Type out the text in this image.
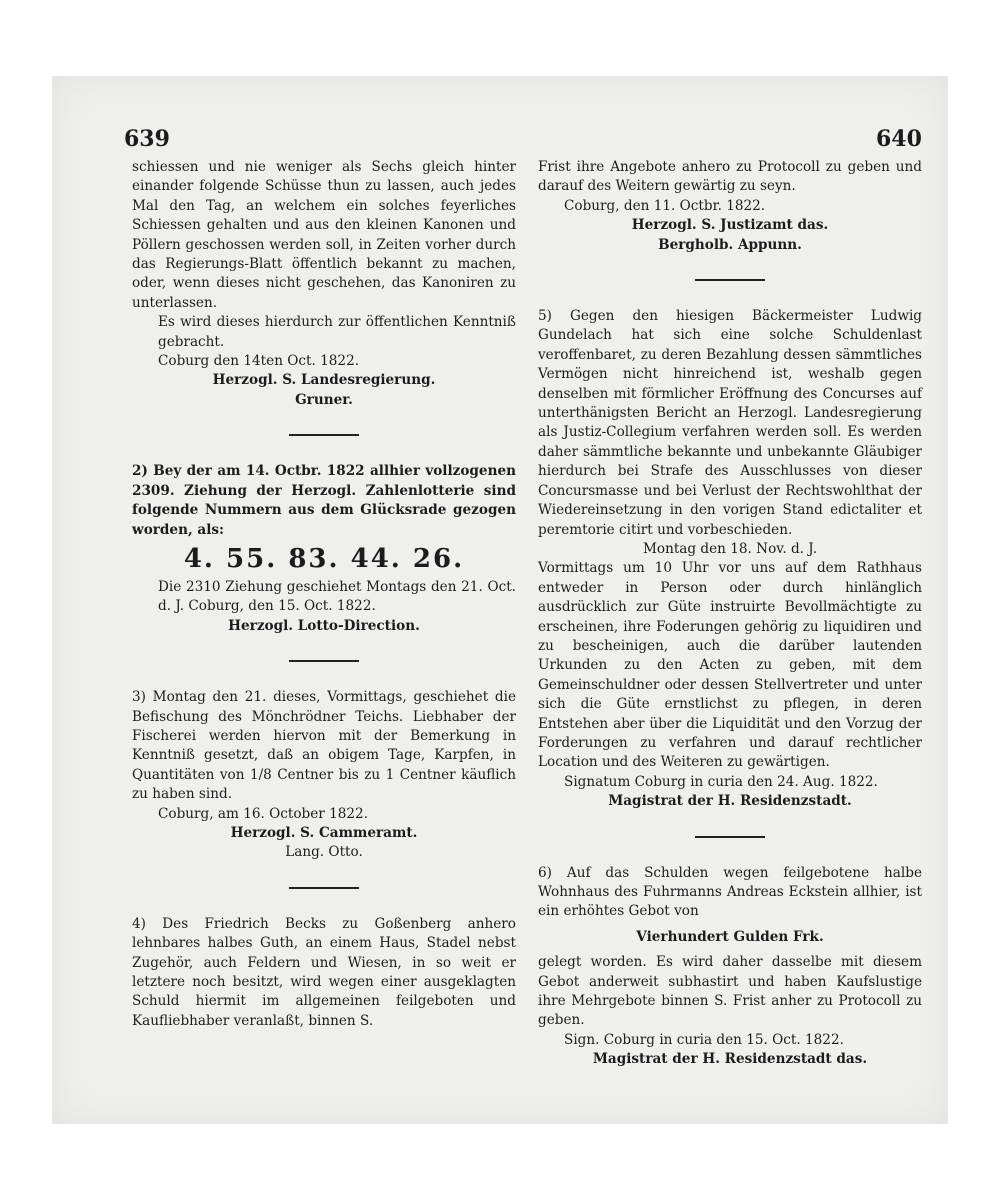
639	640

schiessen und nie weniger als Sechs gleich hinter einander folgende Schüsse thun zu lassen, auch jedes Mal den Tag, an welchem ein solches feyerliches Schiessen gehalten und aus den kleinen Kanonen und Pöllern geschossen werden soll, in Zeiten vorher durch das Regierungs-Blatt öffentlich bekannt zu machen, oder, wenn dieses nicht geschehen, das Kanoniren zu unterlassen.

Es wird dieses hierdurch zur öffentlichen Kenntniß gebracht.

Coburg den 14ten Oct. 1822.

Herzogl. S. Landesregierung.

Gruner.

2) Bey der am 14. Octbr. 1822 allhier vollzogenen 2309. Ziehung der Herzogl. Zahlenlotterie sind folgende Nummern aus dem Glücksrade gezogen worden, als:

4. 55. 83. 44. 26.

Die 2310 Ziehung geschiehet Montags den 21. Oct. d. J. Coburg, den 15. Oct. 1822.

Herzogl. Lotto-Direction.

3) Montag den 21. dieses, Vormittags, geschiehet die Befischung des Mönchrödner Teichs. Liebhaber der Fischerei werden hiervon mit der Bemerkung in Kenntniß gesetzt, daß an obigem Tage, Karpfen, in Quantitäten von 1/8 Centner bis zu 1 Centner käuflich zu haben sind.

Coburg, am 16. October 1822.

Herzogl. S. Cammeramt.

Lang. Otto.

4) Des Friedrich Becks zu Goßenberg anhero lehnbares halbes Guth, an einem Haus, Stadel nebst Zugehör, auch Feldern und Wiesen, in so weit er letztere noch besitzt, wird wegen einer ausgeklagten Schuld hiermit im allgemeinen feilgeboten und Kaufliebhaber veranlaßt, binnen S.

Frist ihre Angebote anhero zu Protocoll zu geben und darauf des Weitern gewärtig zu seyn.

Coburg, den 11. Octbr. 1822.

Herzogl. S. Justizamt das.

Bergholb. Appunn.

5) Gegen den hiesigen Bäckermeister Ludwig Gundelach hat sich eine solche Schuldenlast veroffenbaret, zu deren Bezahlung dessen sämmtliches Vermögen nicht hinreichend ist, weshalb gegen denselben mit förmlicher Eröffnung des Concurses auf unterthänigsten Bericht an Herzogl. Landesregierung als Justiz-Collegium verfahren werden soll. Es werden daher sämmtliche bekannte und unbekannte Gläubiger hierdurch bei Strafe des Ausschlusses von dieser Concursmasse und bei Verlust der Rechtswohlthat der Wiedereinsetzung in den vorigen Stand edictaliter et peremtorie citirt und vorbeschieden.

Montag den 18. Nov. d. J.

Vormittags um 10 Uhr vor uns auf dem Rathhaus entweder in Person oder durch hinlänglich ausdrücklich zur Güte instruirte Bevollmächtigte zu erscheinen, ihre Foderungen gehörig zu liquidiren und zu bescheinigen, auch die darüber lautenden Urkunden zu den Acten zu geben, mit dem Gemeinschuldner oder dessen Stellvertreter und unter sich die Güte ernstlichst zu pflegen, in deren Entstehen aber über die Liquidität und den Vorzug der Forderungen zu verfahren und darauf rechtlicher Location und des Weiteren zu gewärtigen.

Signatum Coburg in curia den 24. Aug. 1822.

Magistrat der H. Residenzstadt.

6) Auf das Schulden wegen feilgebotene halbe Wohnhaus des Fuhrmanns Andreas Eckstein allhier, ist ein erhöhtes Gebot von

Vierhundert Gulden Frk.

gelegt worden. Es wird daher dasselbe mit diesem Gebot anderweit subhastirt und haben Kaufslustige ihre Mehrgebote binnen S. Frist anher zu Protocoll zu geben.

Sign. Coburg in curia den 15. Oct. 1822.

Magistrat der H. Residenzstadt das.
